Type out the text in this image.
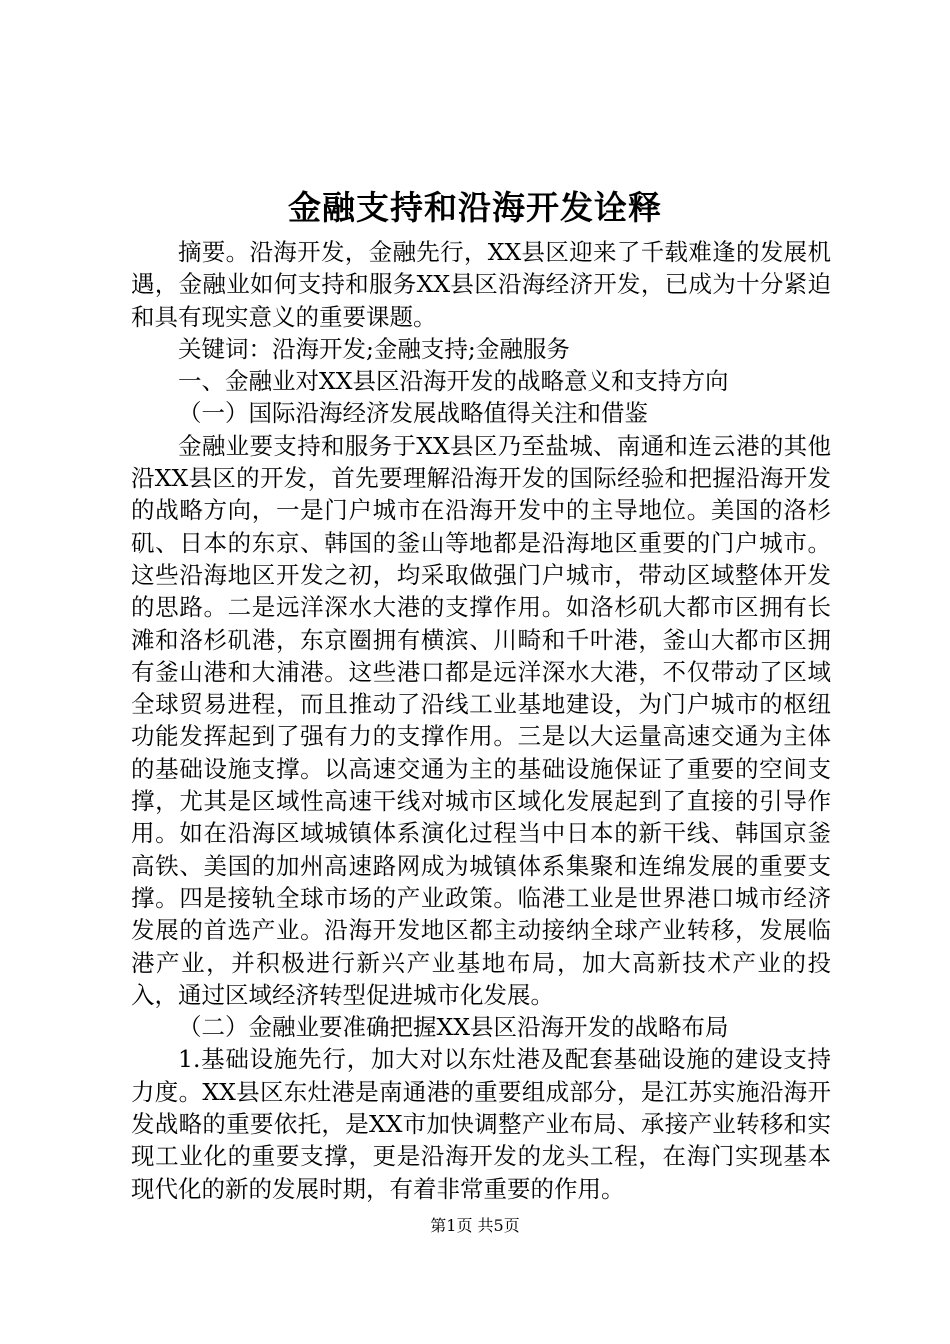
金融支持和沿海开发诠释

摘要。沿海开发，金融先行，XX县区迎来了千载难逢的发展机遇，金融业如何支持和服务XX县区沿海经济开发，已成为十分紧迫和具有现实意义的重要课题。

关键词：沿海开发;金融支持;金融服务

一、金融业对XX县区沿海开发的战略意义和支持方向

（一）国际沿海经济发展战略值得关注和借鉴

金融业要支持和服务于XX县区乃至盐城、南通和连云港的其他沿XX县区的开发，首先要理解沿海开发的国际经验和把握沿海开发的战略方向，一是门户城市在沿海开发中的主导地位。美国的洛杉矶、日本的东京、韩国的釜山等地都是沿海地区重要的门户城市。这些沿海地区开发之初，均采取做强门户城市，带动区域整体开发的思路。二是远洋深水大港的支撑作用。如洛杉矶大都市区拥有长滩和洛杉矶港，东京圈拥有横滨、川畸和千叶港，釜山大都市区拥有釜山港和大浦港。这些港口都是远洋深水大港，不仅带动了区域全球贸易进程，而且推动了沿线工业基地建设，为门户城市的枢纽功能发挥起到了强有力的支撑作用。三是以大运量高速交通为主体的基础设施支撑。以高速交通为主的基础设施保证了重要的空间支撑，尤其是区域性高速干线对城市区域化发展起到了直接的引导作用。如在沿海区域城镇体系演化过程当中日本的新干线、韩国京釜高铁、美国的加州高速路网成为城镇体系集聚和连绵发展的重要支撑。四是接轨全球市场的产业政策。临港工业是世界港口城市经济发展的首选产业。沿海开发地区都主动接纳全球产业转移，发展临港产业，并积极进行新兴产业基地布局，加大高新技术产业的投入，通过区域经济转型促进城市化发展。

（二）金融业要准确把握XX县区沿海开发的战略布局

1.基础设施先行，加大对以东灶港及配套基础设施的建设支持力度。XX县区东灶港是南通港的重要组成部分，是江苏实施沿海开发战略的重要依托，是XX市加快调整产业布局、承接产业转移和实现工业化的重要支撑，更是沿海开发的龙头工程，在海门实现基本现代化的新的发展时期，有着非常重要的作用。

第1页 共5页
